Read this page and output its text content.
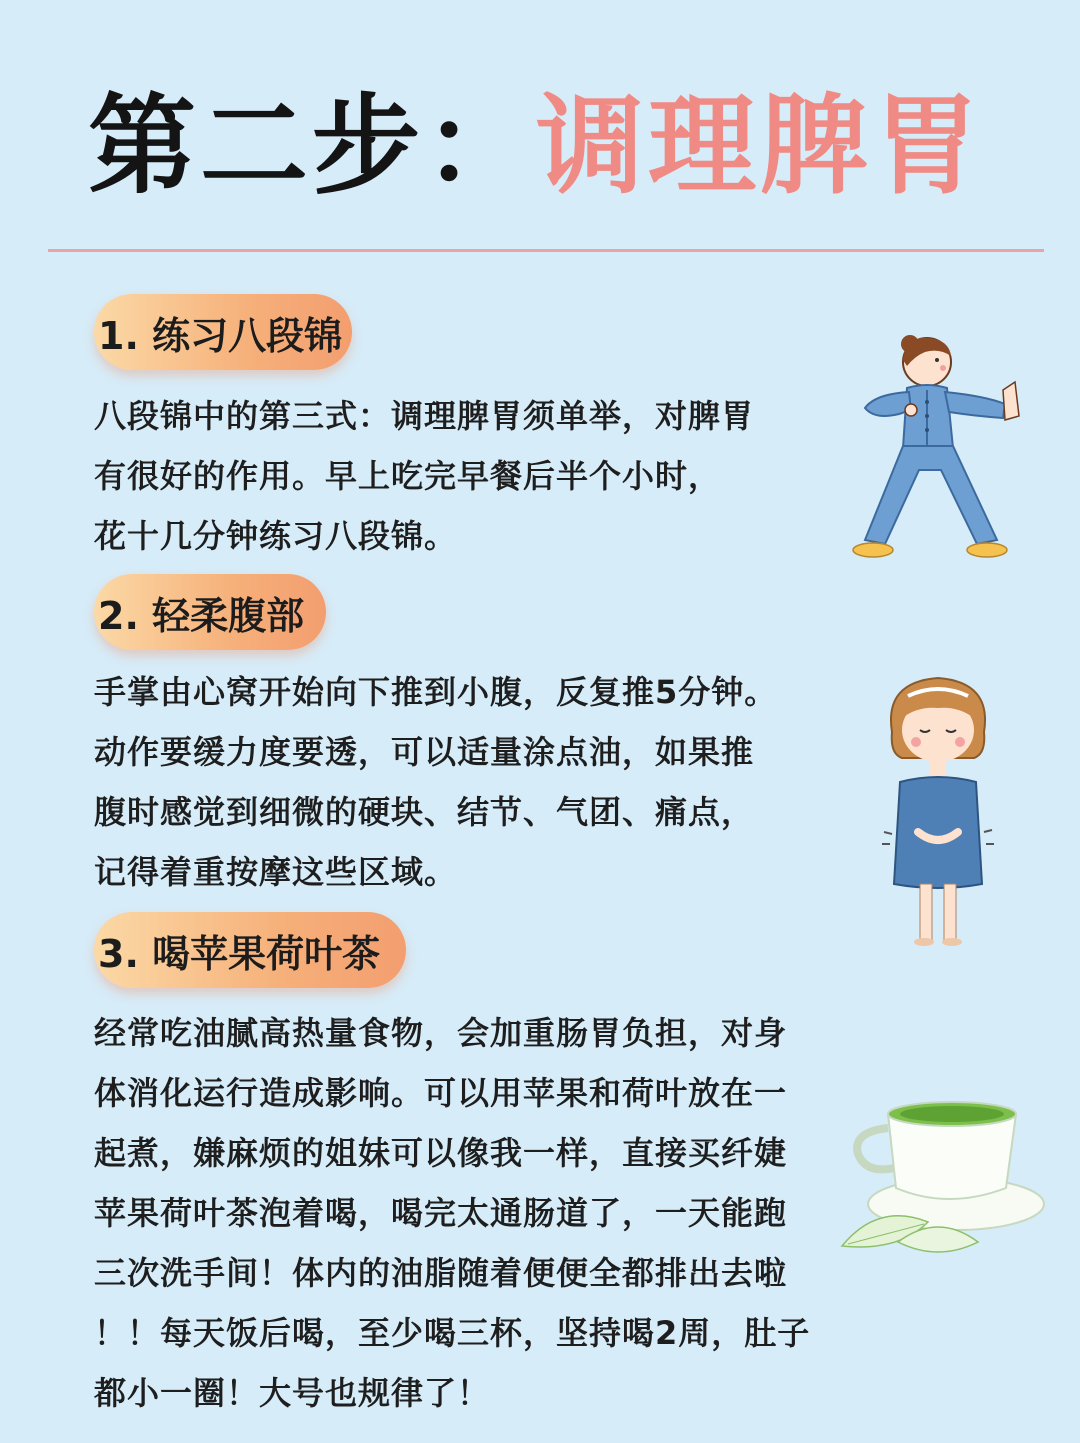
第二步：调理脾胃
1. 练习八段锦
八段锦中的第三式：调理脾胃须单举，对脾胃
有很好的作用。早上吃完早餐后半个小时，
花十几分钟练习八段锦。
2. 轻柔腹部
手掌由心窝开始向下推到小腹，反复推5分钟。
动作要缓力度要透，可以适量涂点油，如果推
腹时感觉到细微的硬块、结节、气团、痛点，
记得着重按摩这些区域。
3. 喝苹果荷叶茶
经常吃油腻高热量食物，会加重肠胃负担，对身
体消化运行造成影响。可以用苹果和荷叶放在一
起煮，嫌麻烦的姐妹可以像我一样，直接买纤婕
苹果荷叶茶泡着喝，喝完太通肠道了，一天能跑
三次洗手间！体内的油脂随着便便全都排出去啦
！！每天饭后喝，至少喝三杯，坚持喝2周，肚子
都小一圈！大号也规律了！
